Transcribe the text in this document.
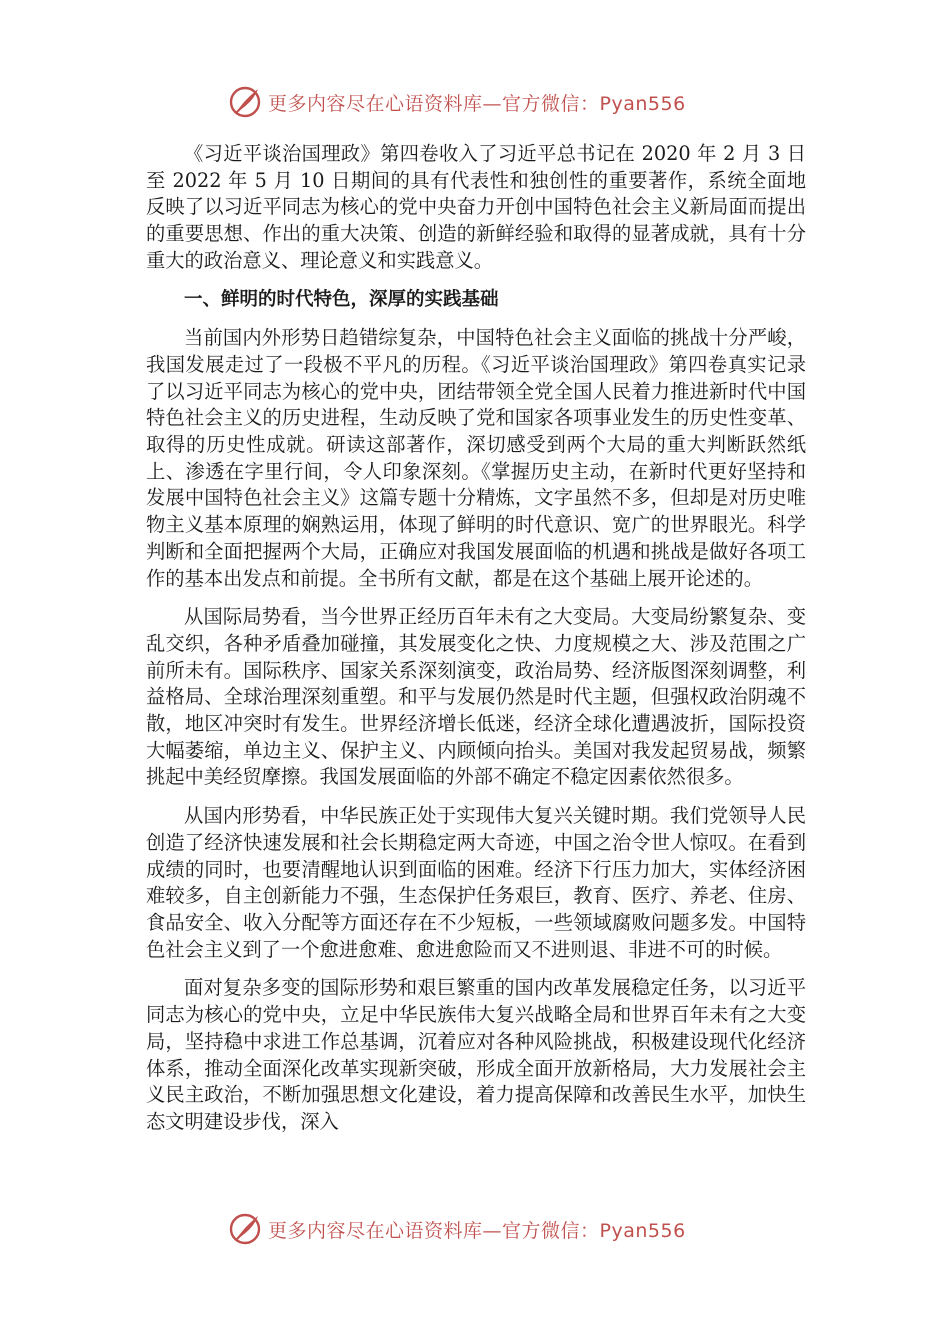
更多内容尽在心语资料库—官方微信：Pyan556

《习近平谈治国理政》第四卷收入了习近平总书记在 2020 年 2 月 3 日至 2022 年 5 月 10 日期间的具有代表性和独创性的重要著作，系统全面地反映了以习近平同志为核心的党中央奋力开创中国特色社会主义新局面而提出的重要思想、作出的重大决策、创造的新鲜经验和取得的显著成就，具有十分重大的政治意义、理论意义和实践意义。

一、鲜明的时代特色，深厚的实践基础

当前国内外形势日趋错综复杂，中国特色社会主义面临的挑战十分严峻，我国发展走过了一段极不平凡的历程。《习近平谈治国理政》第四卷真实记录了以习近平同志为核心的党中央，团结带领全党全国人民着力推进新时代中国特色社会主义的历史进程，生动反映了党和国家各项事业发生的历史性变革、取得的历史性成就。研读这部著作，深切感受到两个大局的重大判断跃然纸上、渗透在字里行间，令人印象深刻。《掌握历史主动，在新时代更好坚持和发展中国特色社会主义》这篇专题十分精炼，文字虽然不多，但却是对历史唯物主义基本原理的娴熟运用，体现了鲜明的时代意识、宽广的世界眼光。科学判断和全面把握两个大局，正确应对我国发展面临的机遇和挑战是做好各项工作的基本出发点和前提。全书所有文献，都是在这个基础上展开论述的。

从国际局势看，当今世界正经历百年未有之大变局。大变局纷繁复杂、变乱交织，各种矛盾叠加碰撞，其发展变化之快、力度规模之大、涉及范围之广前所未有。国际秩序、国家关系深刻演变，政治局势、经济版图深刻调整，利益格局、全球治理深刻重塑。和平与发展仍然是时代主题，但强权政治阴魂不散，地区冲突时有发生。世界经济增长低迷，经济全球化遭遇波折，国际投资大幅萎缩，单边主义、保护主义、内顾倾向抬头。美国对我发起贸易战，频繁挑起中美经贸摩擦。我国发展面临的外部不确定不稳定因素依然很多。

从国内形势看，中华民族正处于实现伟大复兴关键时期。我们党领导人民创造了经济快速发展和社会长期稳定两大奇迹，中国之治令世人惊叹。在看到成绩的同时，也要清醒地认识到面临的困难。经济下行压力加大，实体经济困难较多，自主创新能力不强，生态保护任务艰巨，教育、医疗、养老、住房、食品安全、收入分配等方面还存在不少短板，一些领域腐败问题多发。中国特色社会主义到了一个愈进愈难、愈进愈险而又不进则退、非进不可的时候。

面对复杂多变的国际形势和艰巨繁重的国内改革发展稳定任务，以习近平同志为核心的党中央，立足中华民族伟大复兴战略全局和世界百年未有之大变局，坚持稳中求进工作总基调，沉着应对各种风险挑战，积极建设现代化经济体系，推动全面深化改革实现新突破，形成全面开放新格局，大力发展社会主义民主政治，不断加强思想文化建设，着力提高保障和改善民生水平，加快生态文明建设步伐，深入

更多内容尽在心语资料库—官方微信：Pyan556
